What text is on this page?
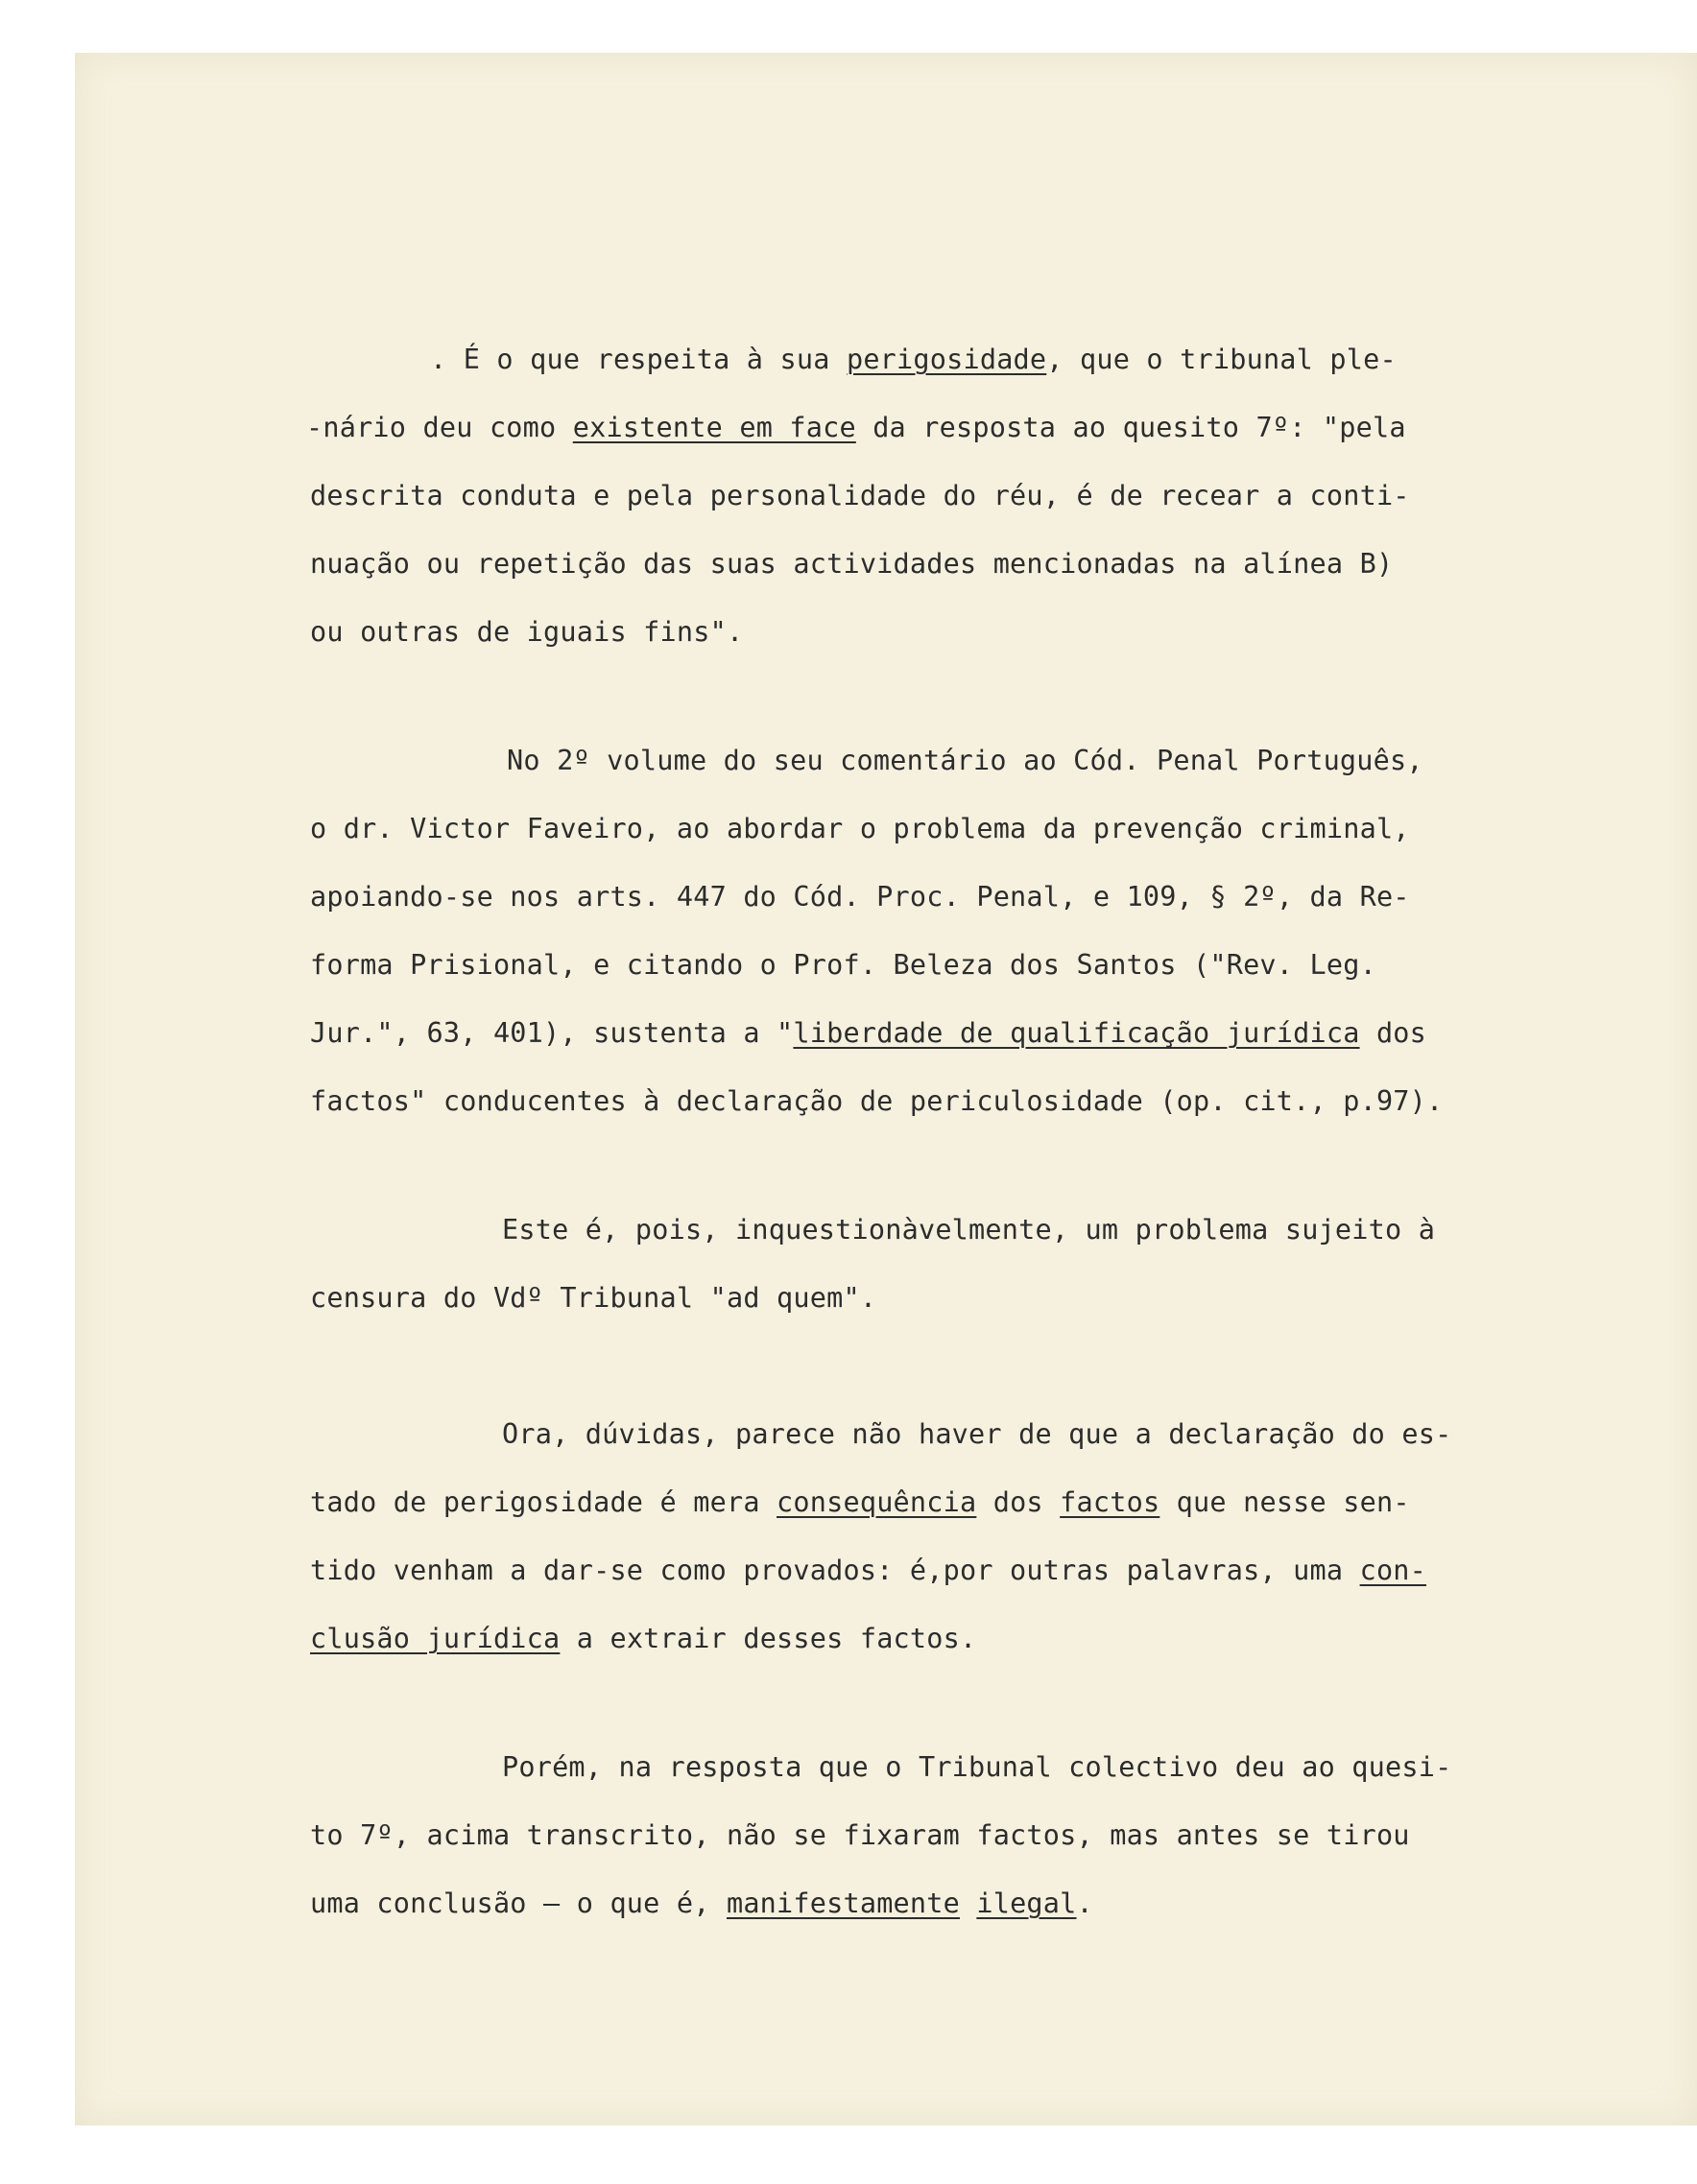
. É o que respeita à sua perigosidade, que o tribunal ple-
-nário deu como existente em face da resposta ao quesito 7º: "pela
descrita conduta e pela personalidade do réu, é de recear a conti-
nuação ou repetição das suas actividades mencionadas na alínea B)
ou outras de iguais fins".
No 2º volume do seu comentário ao Cód. Penal Português,
o dr. Victor Faveiro, ao abordar o problema da prevenção criminal,
apoiando-se nos arts. 447 do Cód. Proc. Penal, e 109, § 2º, da Re-
forma Prisional, e citando o Prof. Beleza dos Santos ("Rev. Leg.
Jur.", 63, 401), sustenta a "liberdade de qualificação jurídica dos
factos" conducentes à declaração de periculosidade (op. cit., p.97).
Este é, pois, inquestionàvelmente, um problema sujeito à
censura do Vdº Tribunal "ad quem".
Ora, dúvidas, parece não haver de que a declaração do es-
tado de perigosidade é mera consequência dos factos que nesse sen-
tido venham a dar-se como provados: é,por outras palavras, uma con-
clusão jurídica a extrair desses factos.
Porém, na resposta que o Tribunal colectivo deu ao quesi-
to 7º, acima transcrito, não se fixaram factos, mas antes se tirou
uma conclusão — o que é, manifestamente ilegal.
